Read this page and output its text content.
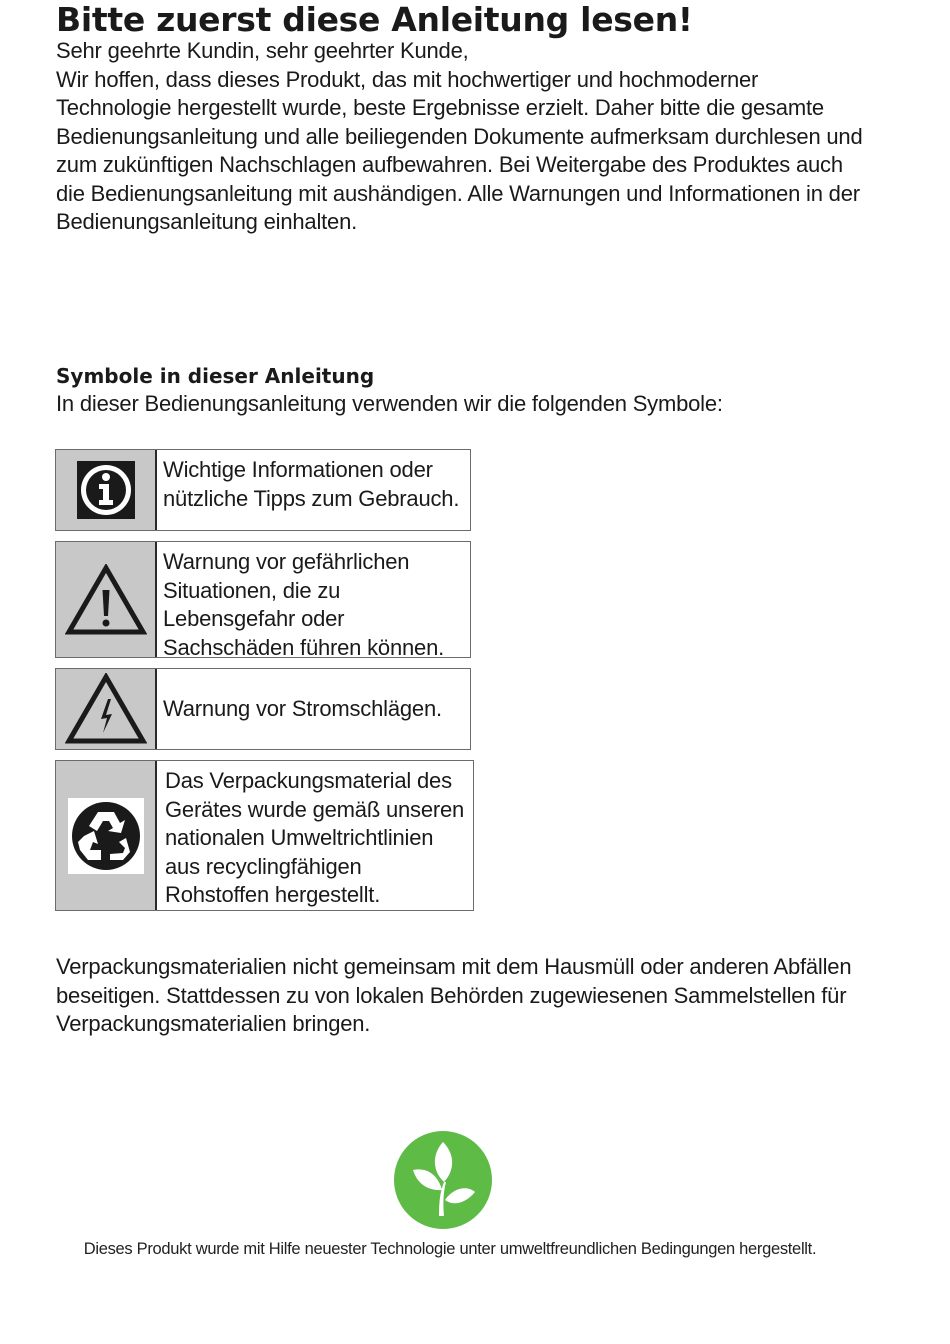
Bitte zuerst diese Anleitung lesen!

Sehr geehrte Kundin, sehr geehrter Kunde,

Wir hoffen, dass dieses Produkt, das mit hochwertiger und hochmoderner Technologie hergestellt wurde, beste Ergebnisse erzielt. Daher bitte die gesamte Bedienungsanleitung und alle beiliegenden Dokumente aufmerksam durchlesen und zum zukünftigen Nachschlagen aufbewahren. Bei Weitergabe des Produktes auch die Bedienungsanleitung mit aushändigen. Alle Warnungen und Informationen in der Bedienungsanleitung einhalten.

Symbole in dieser Anleitung

In dieser Bedienungsanleitung verwenden wir die folgenden Symbole:

Wichtige Informationen oder
nützliche Tipps zum Gebrauch.
Warnung vor gefährlichen
Situationen, die zu
Lebensgefahr oder
Sachschäden führen können.
Warnung vor Stromschlägen.
Das Verpackungsmaterial des
Gerätes wurde gemäß unseren
nationalen Umweltrichtlinien
aus recyclingfähigen
Rohstoffen hergestellt.

Verpackungsmaterialien nicht gemeinsam mit dem Hausmüll oder anderen Abfällen beseitigen. Stattdessen zu von lokalen Behörden zugewiesenen Sammelstellen für Verpackungsmaterialien bringen.

Dieses Produkt wurde mit Hilfe neuester Technologie unter umweltfreundlichen Bedingungen hergestellt.
